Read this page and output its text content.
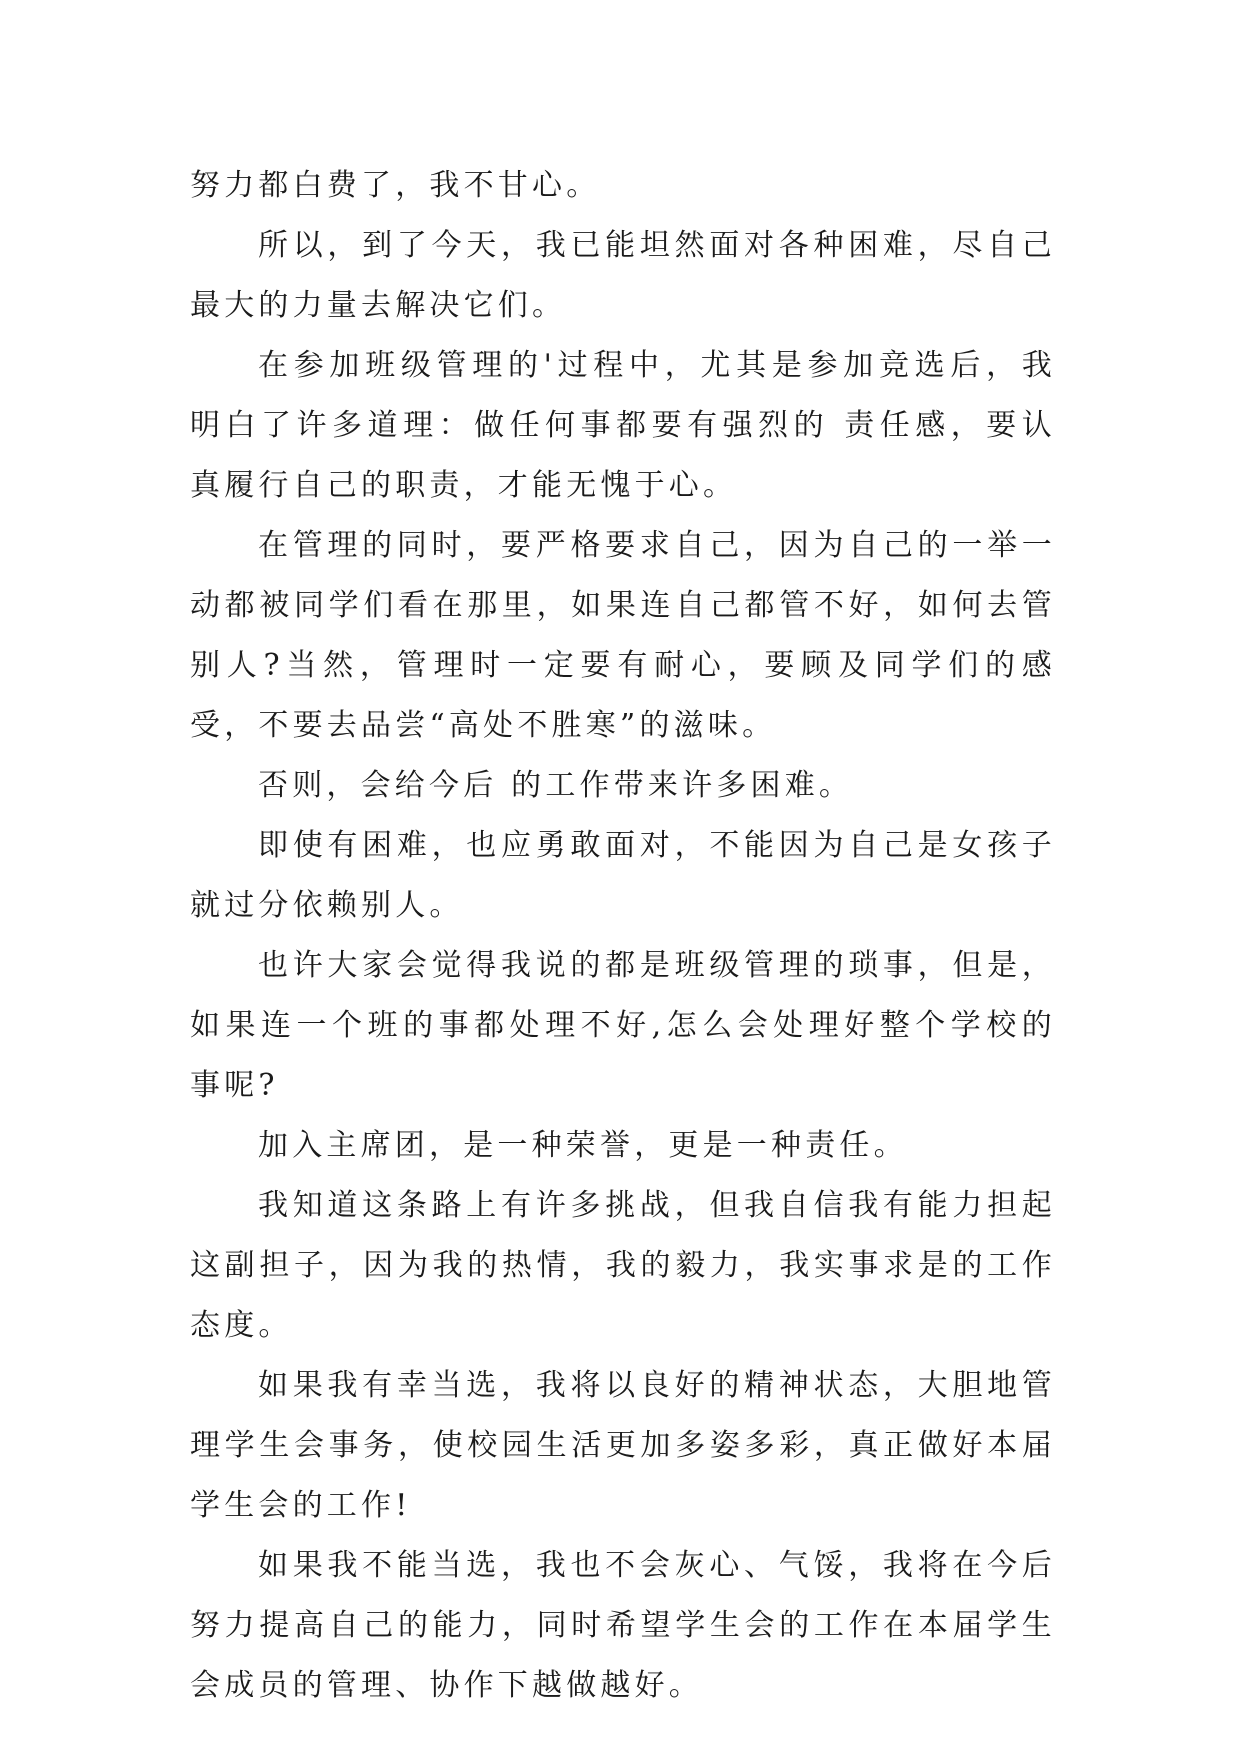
努力都白费了，我不甘心。

所以，到了今天，我已能坦然面对各种困难，尽自己最大的力量去解决它们。

在参加班级管理的'过程中，尤其是参加竞选后，我明白了许多道理：做任何事都要有强烈的 责任感，要认真履行自己的职责，才能无愧于心。

在管理的同时，要严格要求自己，因为自己的一举一动都被同学们看在那里，如果连自己都管不好，如何去管别人?当然，管理时一定要有耐心，要顾及同学们的感受，不要去品尝“高处不胜寒”的滋味。

否则，会给今后 的工作带来许多困难。

即使有困难，也应勇敢面对，不能因为自己是女孩子就过分依赖别人。

也许大家会觉得我说的都是班级管理的琐事，但是，如果连一个班的事都处理不好,怎么会处理好整个学校的事呢?

加入主席团，是一种荣誉，更是一种责任。

我知道这条路上有许多挑战，但我自信我有能力担起这副担子，因为我的热情，我的毅力，我实事求是的工作态度。

如果我有幸当选，我将以良好的精神状态，大胆地管理学生会事务，使校园生活更加多姿多彩，真正做好本届学生会的工作!

如果我不能当选，我也不会灰心、气馁，我将在今后努力提高自己的能力，同时希望学生会的工作在本届学生会成员的管理、协作下越做越好。
